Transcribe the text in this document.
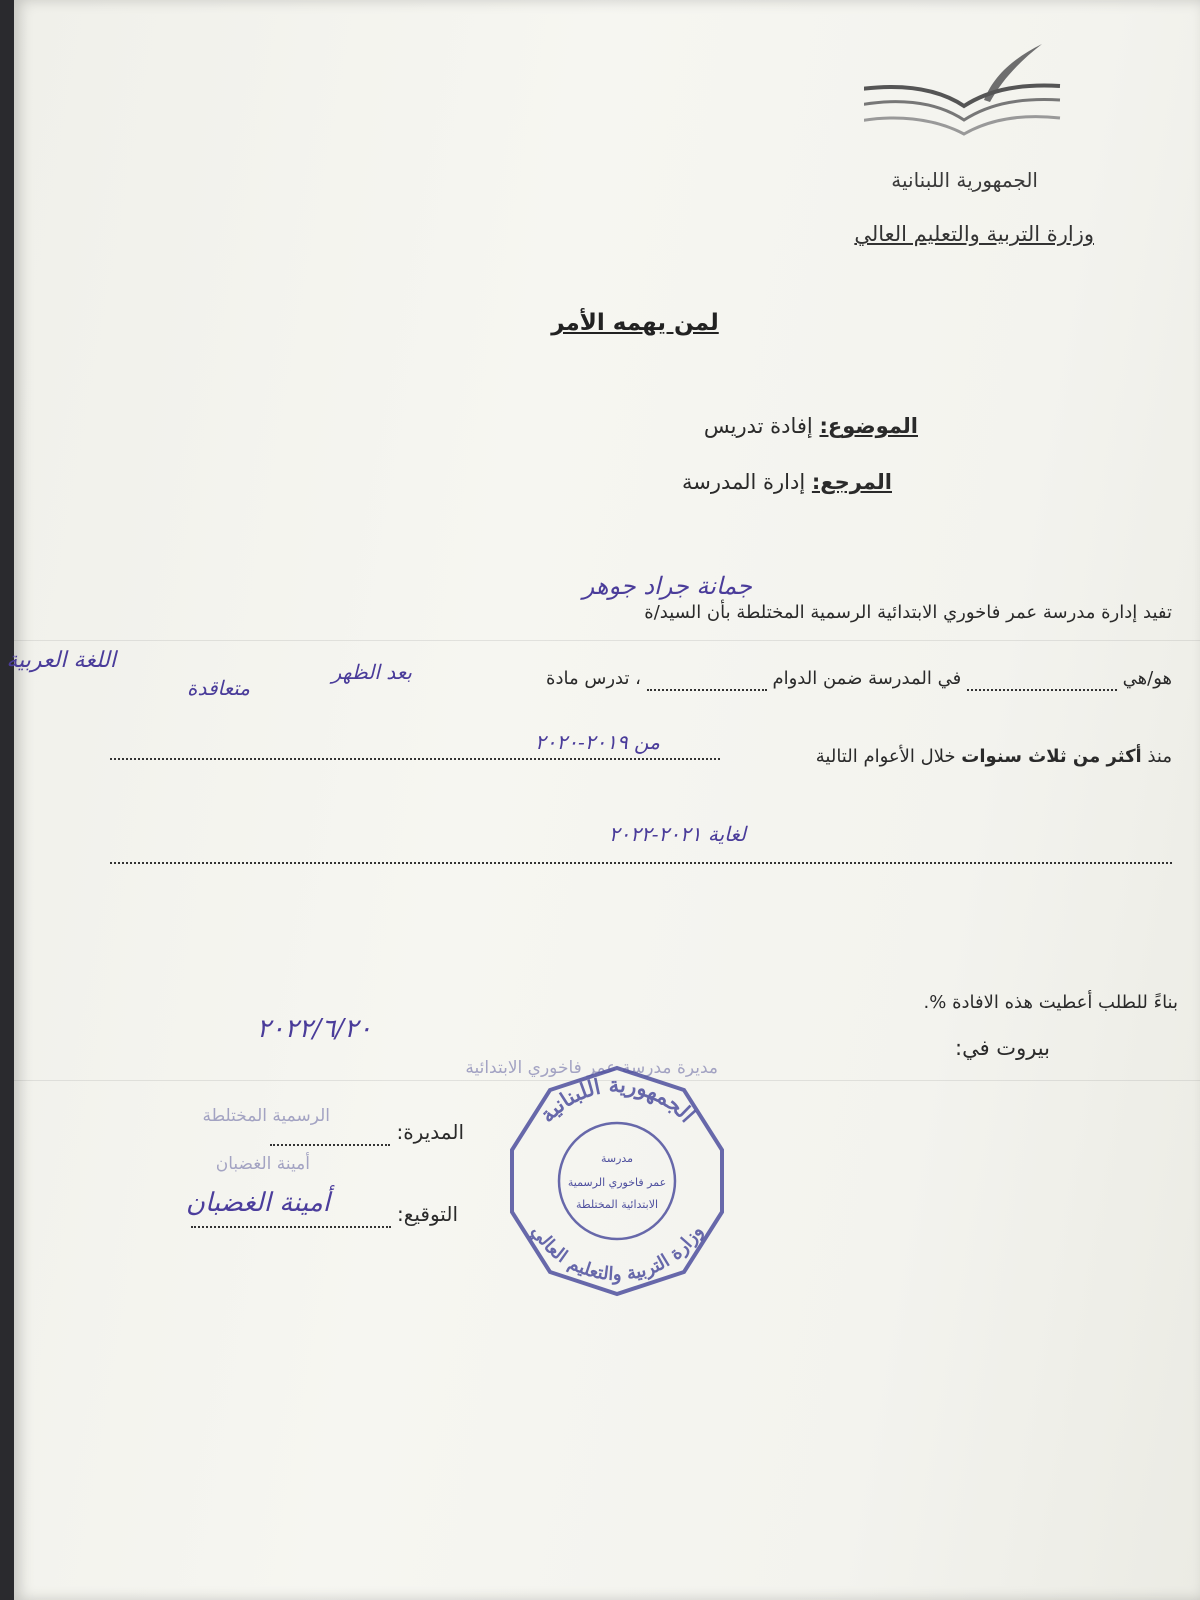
الجمهورية اللبنانية
وزارة التربية والتعليم العالي
لمن يهمه الأمر
الموضوع: إفادة تدريس
المرجع: إدارة المدرسة
تفيد إدارة مدرسة عمر فاخوري الابتدائية الرسمية المختلطة بأن السيد/ة
جمانة جراد جوهر
هو/هي   في المدرسة ضمن الدوام   ، تدرس مادة
متعاقدة
بعد الظهر
اللغة العربية
منذ أكثر من ثلاث سنوات خلال الأعوام التالية
من ٢٠١٩-٢٠٢٠
لغاية ٢٠٢١-٢٠٢٢
بناءً للطلب أعطيت هذه الافادة %.
بيروت في:
٢٠٢٢/٦/٢٠
المديرة:
التوقيع:
أمينة الغضبان
مديرة مدرسة عمر فاخوري الابتدائية
الرسمية المختلطة
أمينة الغضبان
الجمهورية اللبنانية
وزارة التربية والتعليم العالي
مدرسة
عمر فاخوري الرسمية
الابتدائية المختلطة
